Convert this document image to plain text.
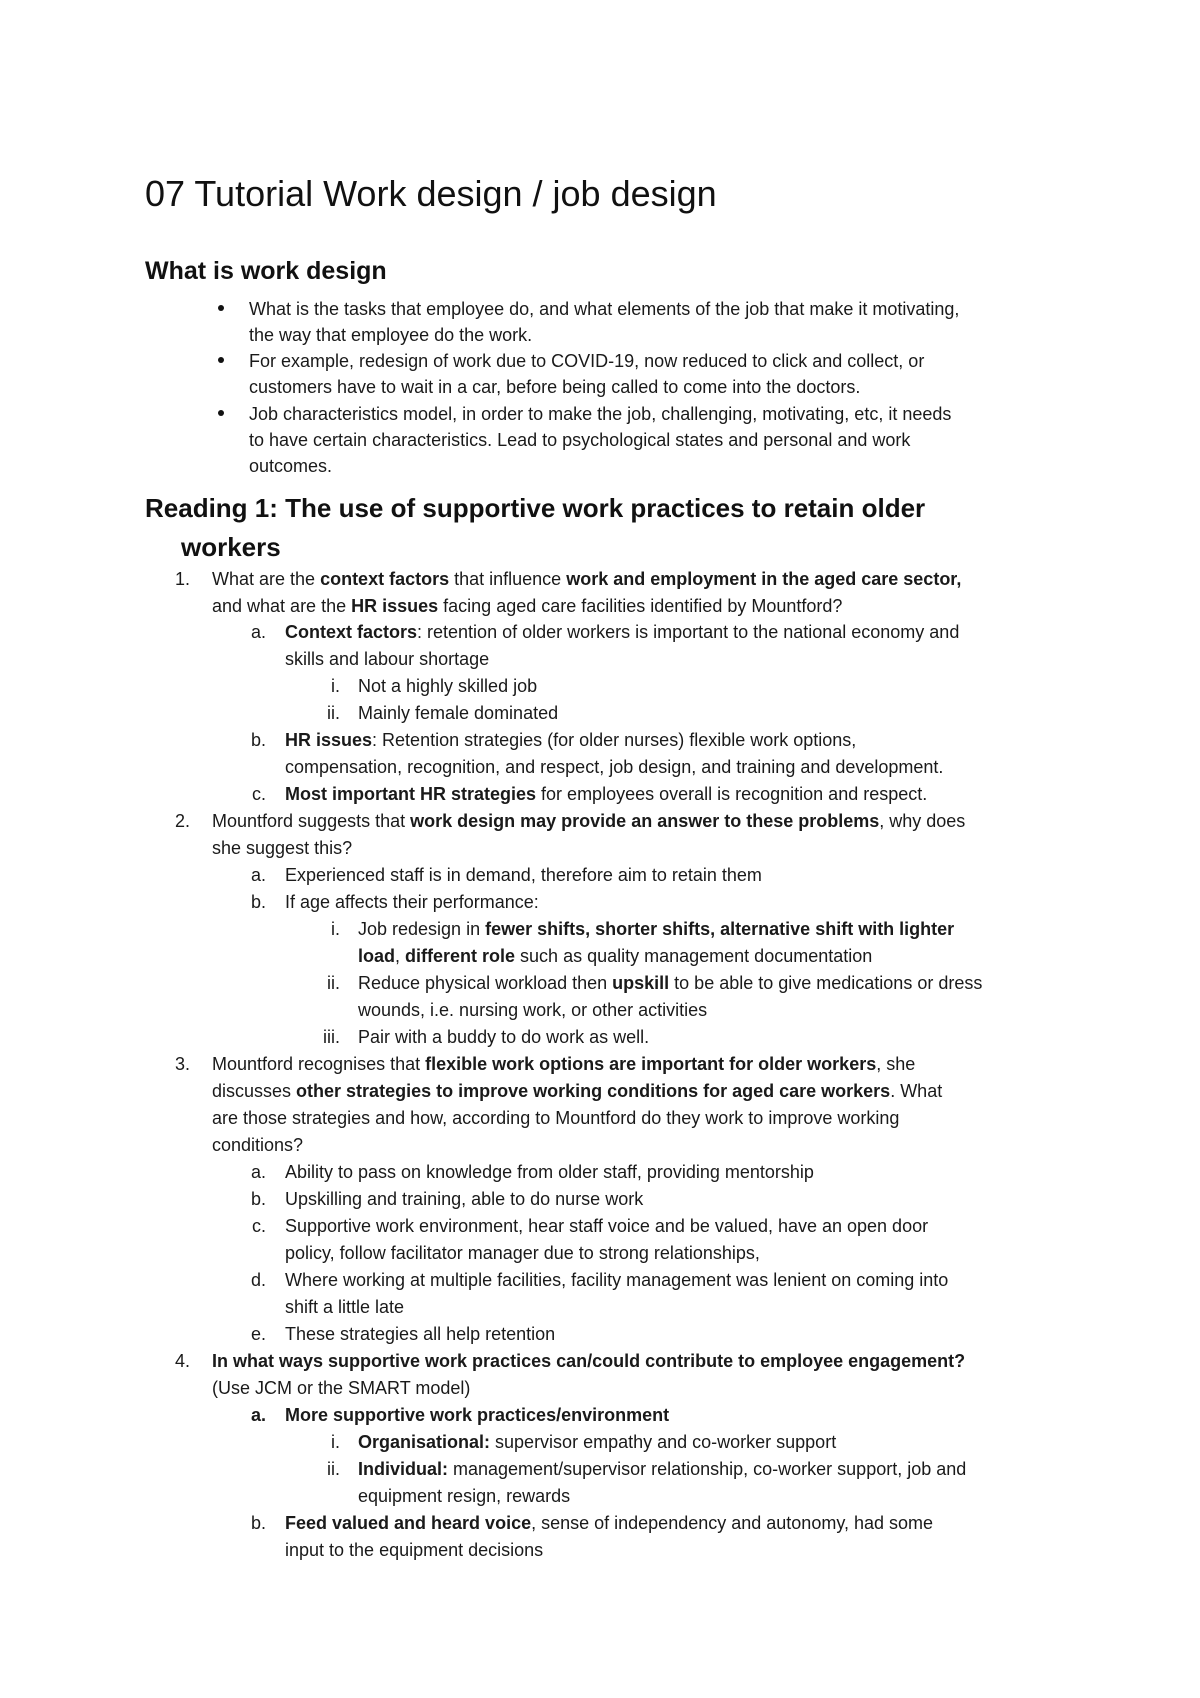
07 Tutorial Work design / job design
What is work design
What is the tasks that employee do, and what elements of the job that make it motivating,
the way that employee do the work.
For example, redesign of work due to COVID-19, now reduced to click and collect, or
customers have to wait in a car, before being called to come into the doctors.
Job characteristics model, in order to make the job, challenging, motivating, etc, it needs
to have certain characteristics. Lead to psychological states and personal and work
outcomes.
Reading 1: The use of supportive work practices to retain older
workers
1. What are the context factors that influence work and employment in the aged care sector,
and what are the HR issues facing aged care facilities identified by Mountford?
a. Context factors: retention of older workers is important to the national economy and
skills and labour shortage
i. Not a highly skilled job
ii. Mainly female dominated
b. HR issues: Retention strategies (for older nurses) flexible work options,
compensation, recognition, and respect, job design, and training and development.
c. Most important HR strategies for employees overall is recognition and respect.
2. Mountford suggests that work design may provide an answer to these problems, why does
she suggest this?
a. Experienced staff is in demand, therefore aim to retain them
b. If age affects their performance:
i. Job redesign in fewer shifts, shorter shifts, alternative shift with lighter
load, different role such as quality management documentation
ii. Reduce physical workload then upskill to be able to give medications or dress
wounds, i.e. nursing work, or other activities
iii. Pair with a buddy to do work as well.
3. Mountford recognises that flexible work options are important for older workers, she
discusses other strategies to improve working conditions for aged care workers. What
are those strategies and how, according to Mountford do they work to improve working
conditions?
a. Ability to pass on knowledge from older staff, providing mentorship
b. Upskilling and training, able to do nurse work
c. Supportive work environment, hear staff voice and be valued, have an open door
policy, follow facilitator manager due to strong relationships,
d. Where working at multiple facilities, facility management was lenient on coming into
shift a little late
e. These strategies all help retention
4. In what ways supportive work practices can/could contribute to employee engagement?
(Use JCM or the SMART model)
a. More supportive work practices/environment
i. Organisational: supervisor empathy and co-worker support
ii. Individual: management/supervisor relationship, co-worker support, job and
equipment resign, rewards
b. Feed valued and heard voice, sense of independency and autonomy, had some
input to the equipment decisions
